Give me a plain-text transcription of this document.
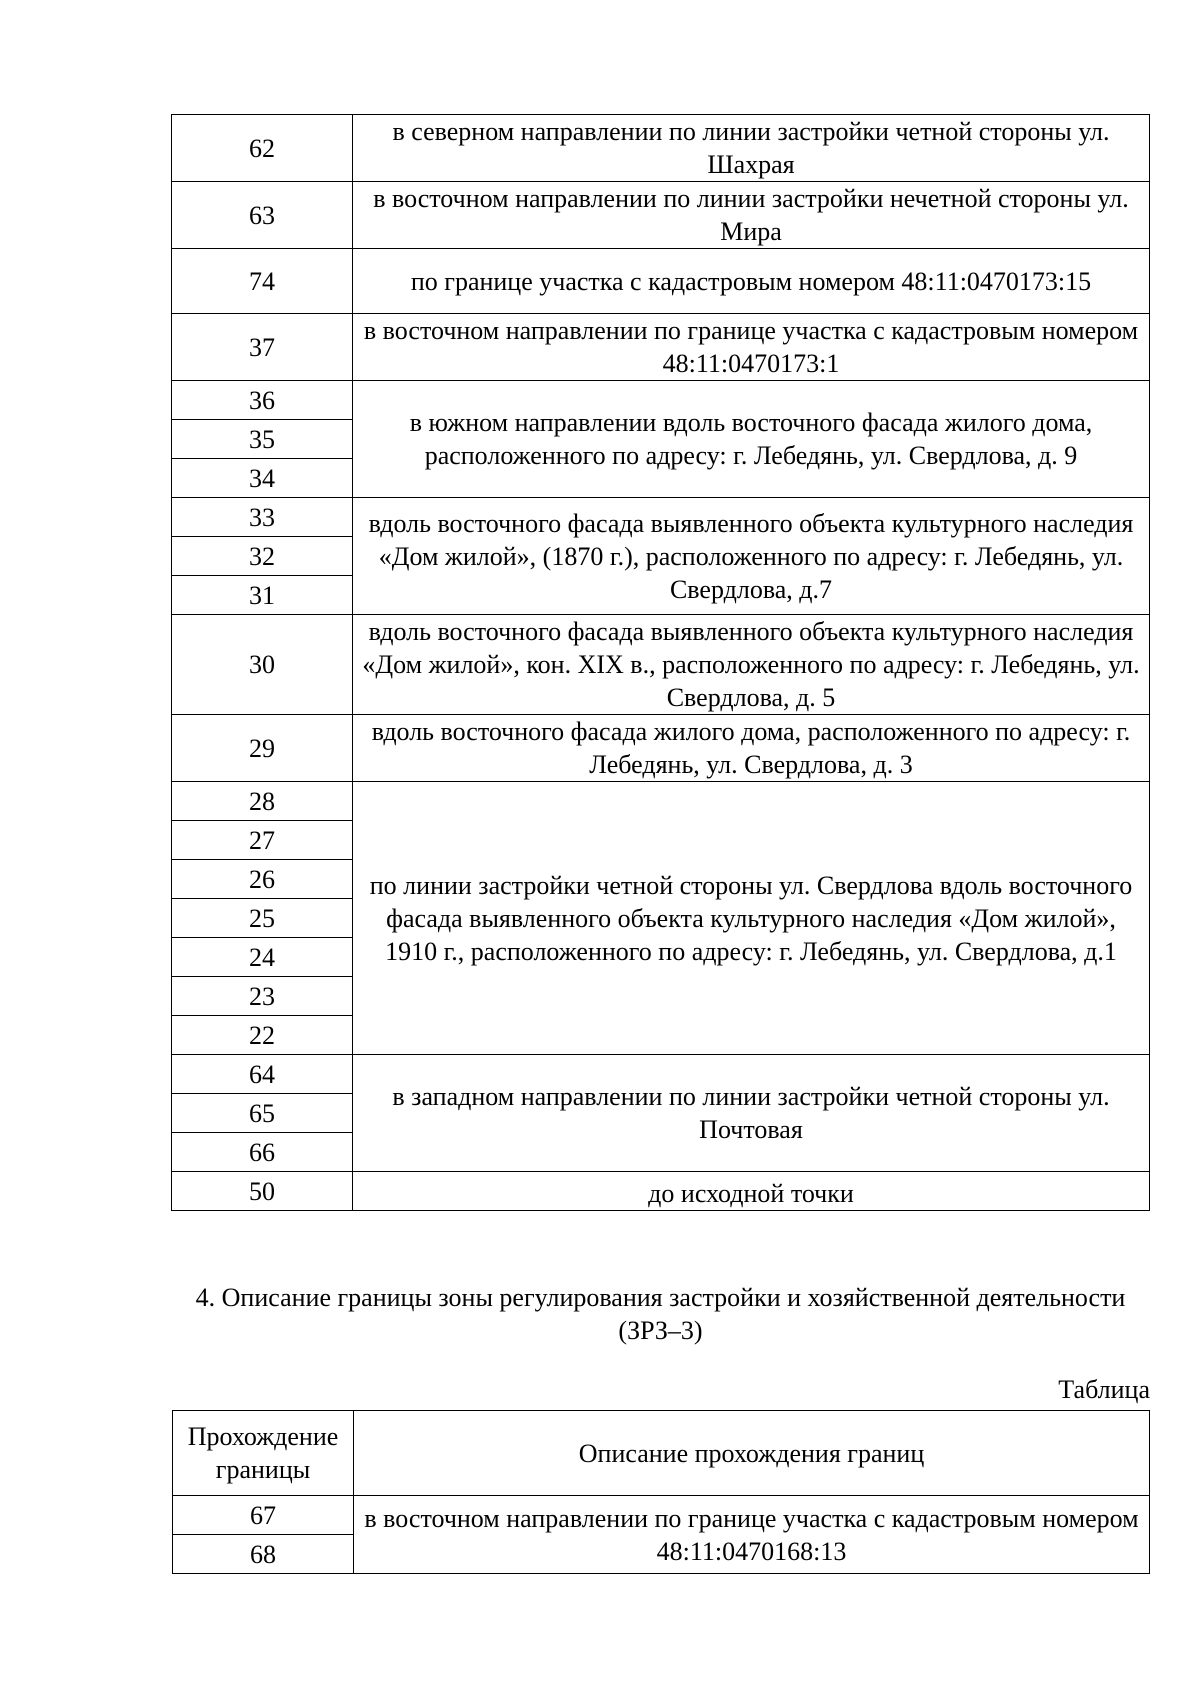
62	в северном направлении по линии застройки четной стороны ул. Шахрая
63	в восточном направлении по линии застройки нечетной стороны ул. Мира
74	по границе участка с кадастровым номером 48:11:0470173:15
37	в восточном направлении по границе участка с кадастровым номером 48:11:0470173:1
36	в южном направлении вдоль восточного фасада жилого дома, расположенного по адресу: г. Лебедянь, ул. Свердлова, д. 9
35	
34	
33	вдоль восточного фасада выявленного объекта культурного наследия «Дом жилой», (1870 г.), расположенного по адресу: г. Лебедянь, ул. Свердлова, д.7
32	
31	
30	вдоль восточного фасада выявленного объекта культурного наследия «Дом жилой», кон. XIX в., расположенного по адресу: г. Лебедянь, ул. Свердлова, д. 5
29	вдоль восточного фасада жилого дома, расположенного по адресу: г. Лебедянь, ул. Свердлова, д. 3
28	по линии застройки четной стороны ул. Свердлова вдоль восточного фасада выявленного объекта культурного наследия «Дом жилой», 1910 г., расположенного по адресу: г. Лебедянь, ул. Свердлова, д.1
27	
26	
25	
24	
23	
22	
64	в западном направлении по линии застройки четной стороны ул. Почтовая
65	
66	
50	до исходной точки
4. Описание границы зоны регулирования застройки и хозяйственной деятельности (ЗРЗ–3)
Таблица
Прохождение границы	Описание прохождения границ
67	в восточном направлении по границе участка с кадастровым номером 48:11:0470168:13
68	
